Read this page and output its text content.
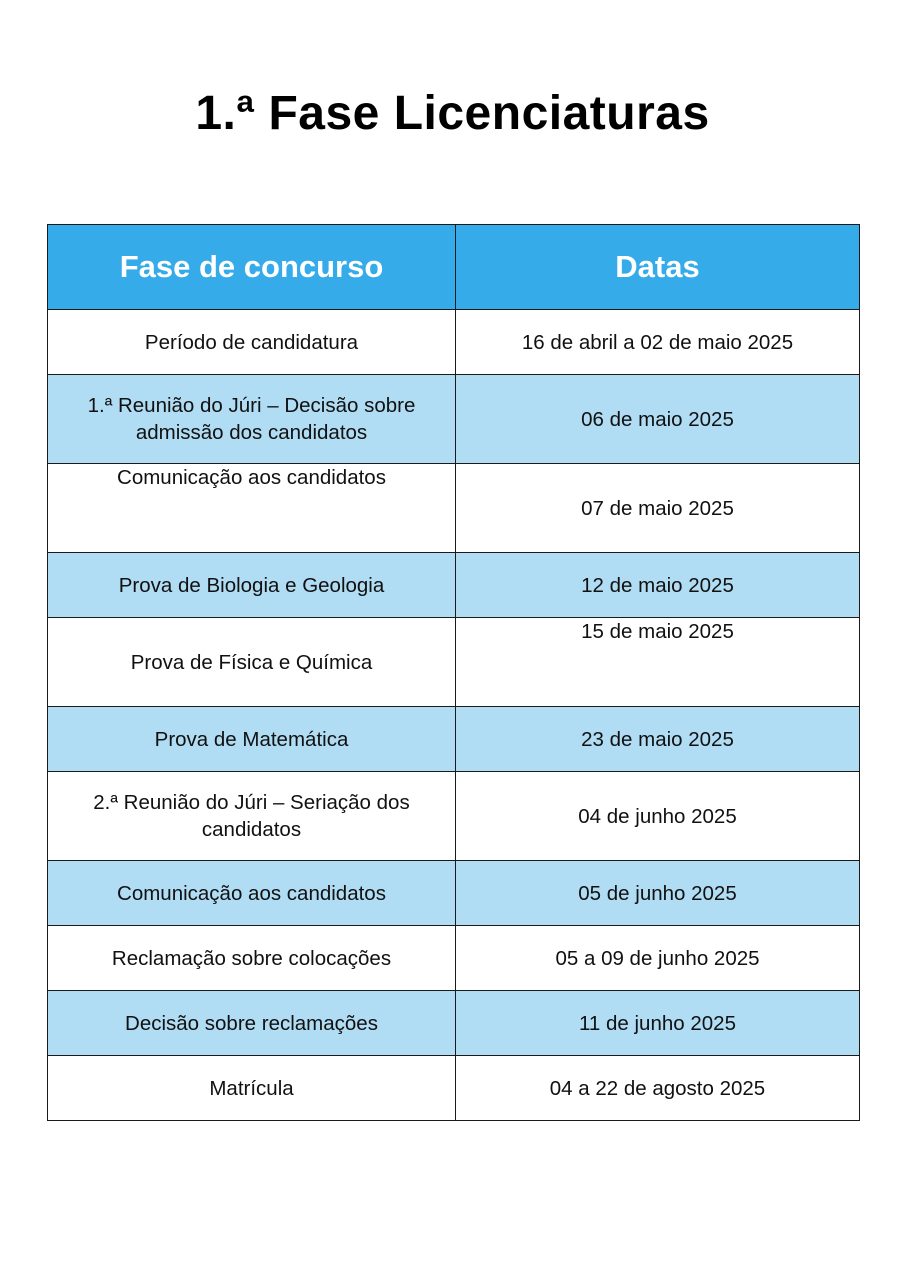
1.ª Fase Licenciaturas
Fase de concurso	Datas
Período de candidatura	16 de abril a 02 de maio 2025
1.ª Reunião do Júri – Decisão sobre admissão dos candidatos	06 de maio 2025
Comunicação aos candidatos	07 de maio 2025
Prova de Biologia e Geologia	12 de maio 2025
Prova de Física e Química	15 de maio 2025
Prova de Matemática	23 de maio 2025
2.ª Reunião do Júri – Seriação dos candidatos	04 de junho 2025
Comunicação aos candidatos	05 de junho 2025
Reclamação sobre colocações	05 a 09 de junho 2025
Decisão sobre reclamações	11 de junho 2025
Matrícula	04 a 22 de agosto 2025
